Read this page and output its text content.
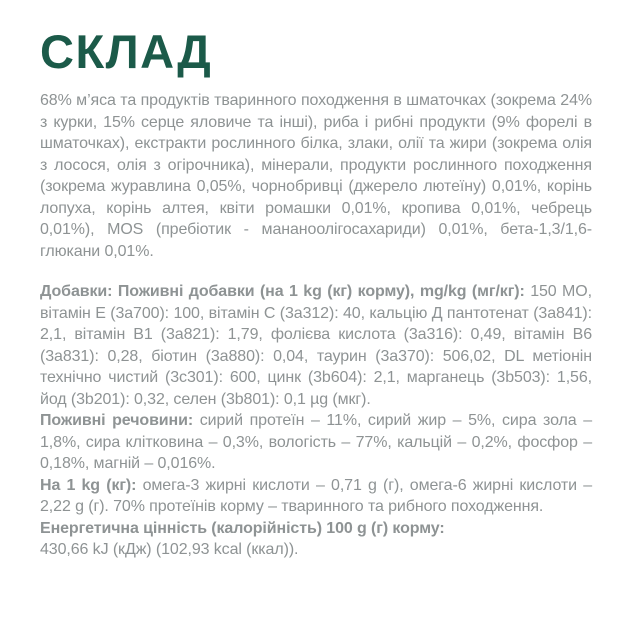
СКЛАД

68% м’яса та продуктів тваринного походження в шматочках (зокрема 24% з курки, 15% серце яловиче та інші), риба і рибні продукти (9% форелі в шматочках), екстракти рослинного білка, злаки, олії та жири (зокрема олія з лосося, олія з огірочника), мінерали, продукти рослинного походження (зокрема журавлина 0,05%, чорнобривці (джерело лютеїну) 0,01%, корінь лопуха, корінь алтея, квіти ромашки 0,01%, кропива 0,01%, чебрець 0,01%), MOS (пребіотик - мананоолігосахариди) 0,01%, бета-1,3/1,6-глюкани 0,01%.

Добавки: Поживні добавки (на 1 kg (кг) корму), mg/kg (мг/кг): 150 МО, вітамін E (3a700): 100, вітамін C (3a312): 40, кальцію Д пантотенат (3a841): 2,1, вітамін B1 (3a821): 1,79, фолієва кислота (3a316): 0,49, вітамін B6 (3a831): 0,28, біотин (3a880): 0,04, таурин (3a370): 506,02, DL метіонін технічно чистий (3c301): 600, цинк (3b604): 2,1, марганець (3b503): 1,56, йод (3b201): 0,32, селен (3b801): 0,1 µg (мкг).

Поживні речовини: сирий протеїн – 11%, сирий жир – 5%, сира зола – 1,8%, сира клітковина – 0,3%, вологість – 77%, кальцій – 0,2%, фосфор – 0,18%, магній – 0,016%.

На 1 kg (кг): омега-3 жирні кислоти – 0,71 g (г), омега-6 жирні кислоти – 2,22 g (г). 70% протеїнів корму – тваринного та рибного походження.

Енергетична цінність (калорійність) 100 g (г) корму:

430,66 kJ (кДж) (102,93 kcal (ккал)).
